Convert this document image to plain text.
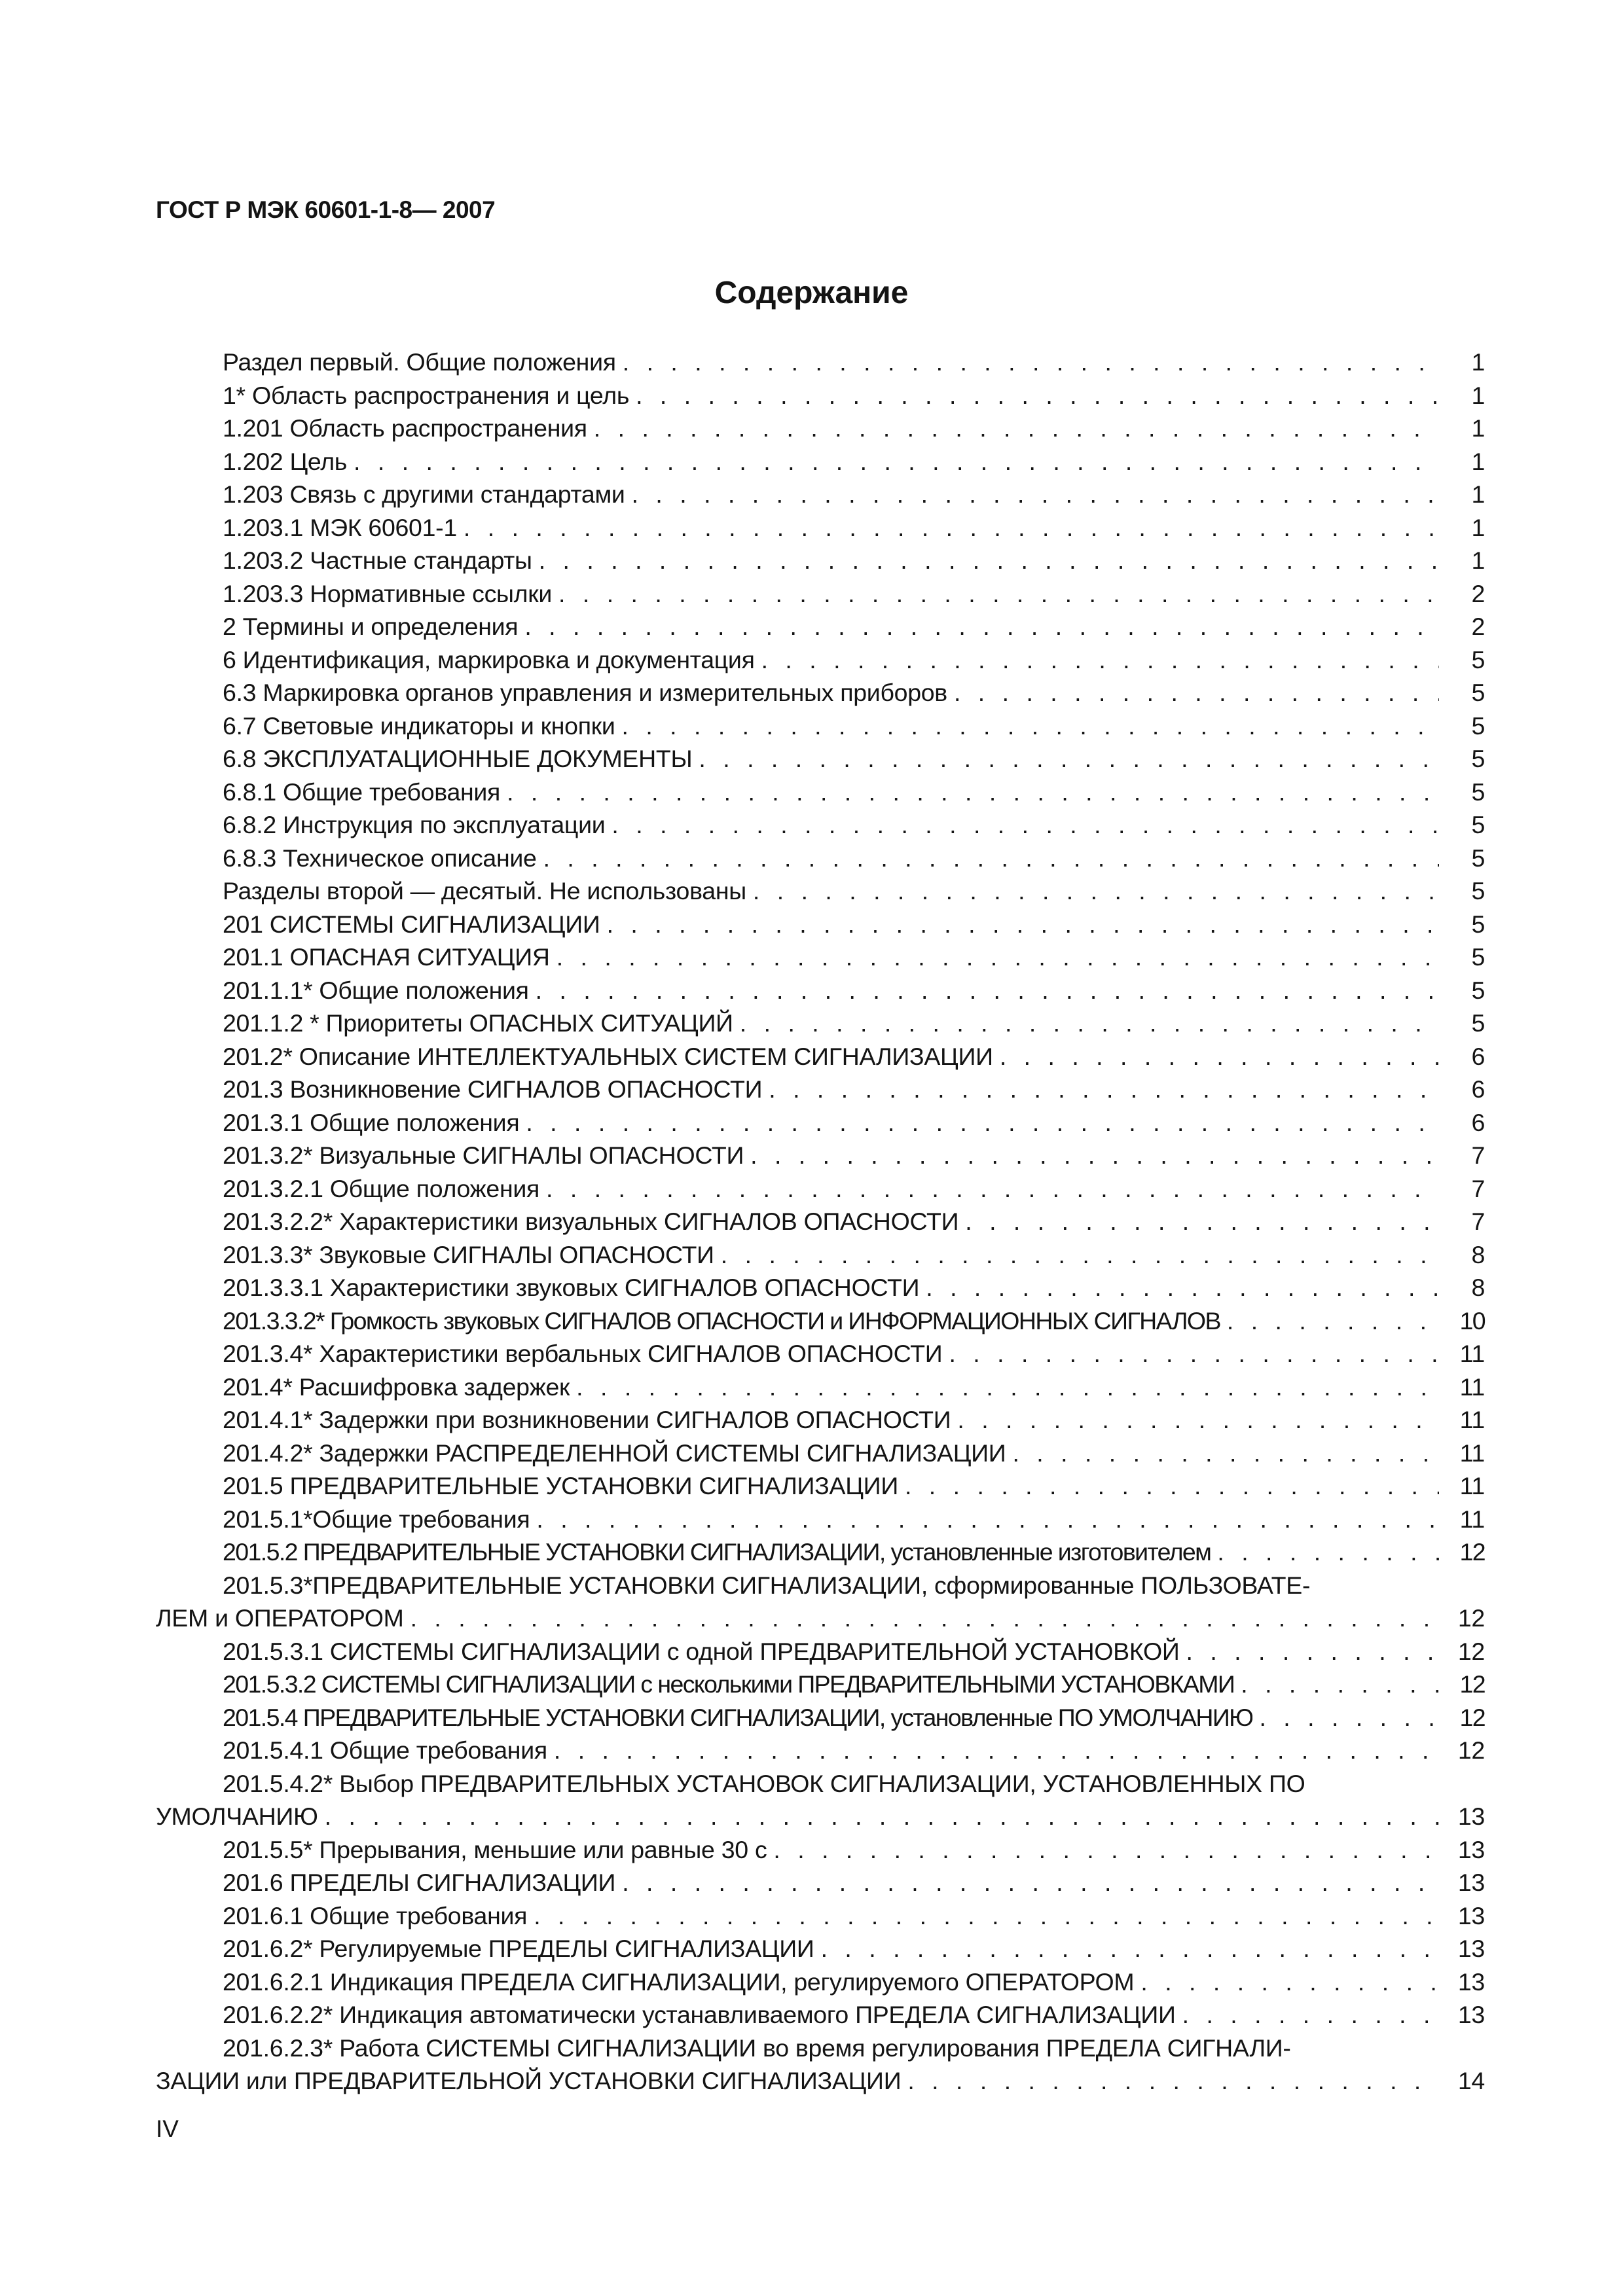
ГОСТ Р МЭК 60601-1-8— 2007
Содержание
Раздел первый. Общие положения . . .	1
1* Область распространения и цель . . .	1
1.201 Область распространения . . .	1
1.202 Цель . . .	1
1.203 Связь с другими стандартами . . .	1
1.203.1 МЭК 60601-1 . . .	1
1.203.2 Частные стандарты . . .	1
1.203.3 Нормативные ссылки . . .	2
2 Термины и определения . . .	2
6 Идентификация, маркировка и документация . . .	5
6.3 Маркировка органов управления и измерительных приборов . . .	5
6.7 Световые индикаторы и кнопки . . .	5
6.8 ЭКСПЛУАТАЦИОННЫЕ ДОКУМЕНТЫ . . .	5
6.8.1 Общие требования . . .	5
6.8.2 Инструкция по эксплуатации . . .	5
6.8.3 Техническое описание . . .	5
Разделы второй — десятый. Не использованы . . .	5
201 СИСТЕМЫ СИГНАЛИЗАЦИИ . . .	5
201.1 ОПАСНАЯ СИТУАЦИЯ . . .	5
201.1.1* Общие положения . . .	5
201.1.2 * Приоритеты ОПАСНЫХ СИТУАЦИЙ . . .	5
201.2* Описание ИНТЕЛЛЕКТУАЛЬНЫХ СИСТЕМ СИГНАЛИЗАЦИИ . . .	6
201.3 Возникновение СИГНАЛОВ ОПАСНОСТИ . . .	6
201.3.1 Общие положения . . .	6
201.3.2* Визуальные СИГНАЛЫ ОПАСНОСТИ . . .	7
201.3.2.1 Общие положения . . .	7
201.3.2.2* Характеристики визуальных СИГНАЛОВ ОПАСНОСТИ . . .	7
201.3.3* Звуковые СИГНАЛЫ ОПАСНОСТИ . . .	8
201.3.3.1 Характеристики звуковых СИГНАЛОВ ОПАСНОСТИ . . .	8
201.3.3.2* Громкость звуковых СИГНАЛОВ ОПАСНОСТИ и ИНФОРМАЦИОННЫХ СИГНАЛОВ . . .	10
201.3.4* Характеристики вербальных СИГНАЛОВ ОПАСНОСТИ . . .	11
201.4* Расшифровка задержек . . .	11
201.4.1* Задержки при возникновении СИГНАЛОВ ОПАСНОСТИ . . .	11
201.4.2* Задержки РАСПРЕДЕЛЕННОЙ СИСТЕМЫ СИГНАЛИЗАЦИИ . . .	11
201.5 ПРЕДВАРИТЕЛЬНЫЕ УСТАНОВКИ СИГНАЛИЗАЦИИ . . .	11
201.5.1*Общие требования . . .	11
201.5.2 ПРЕДВАРИТЕЛЬНЫЕ УСТАНОВКИ СИГНАЛИЗАЦИИ, установленные изготовителем . . .	12
201.5.3*ПРЕДВАРИТЕЛЬНЫЕ УСТАНОВКИ СИГНАЛИЗАЦИИ, сформированные ПОЛЬЗОВАТЕ-
ЛЕМ и ОПЕРАТОРОМ . . .	12
201.5.3.1 СИСТЕМЫ СИГНАЛИЗАЦИИ с одной ПРЕДВАРИТЕЛЬНОЙ УСТАНОВКОЙ . . .	12
201.5.3.2 СИСТЕМЫ СИГНАЛИЗАЦИИ с несколькими ПРЕДВАРИТЕЛЬНЫМИ УСТАНОВКАМИ . . .	12
201.5.4 ПРЕДВАРИТЕЛЬНЫЕ УСТАНОВКИ СИГНАЛИЗАЦИИ, установленные ПО УМОЛЧАНИЮ . . .	12
201.5.4.1 Общие требования . . .	12
201.5.4.2* Выбор ПРЕДВАРИТЕЛЬНЫХ УСТАНОВОК СИГНАЛИЗАЦИИ, УСТАНОВЛЕННЫХ ПО
УМОЛЧАНИЮ . . .	13
201.5.5* Прерывания, меньшие или равные 30 с . . .	13
201.6 ПРЕДЕЛЫ СИГНАЛИЗАЦИИ . . .	13
201.6.1 Общие требования . . .	13
201.6.2* Регулируемые ПРЕДЕЛЫ СИГНАЛИЗАЦИИ . . .	13
201.6.2.1 Индикация ПРЕДЕЛА СИГНАЛИЗАЦИИ, регулируемого ОПЕРАТОРОМ . . .	13
201.6.2.2* Индикация автоматически устанавливаемого ПРЕДЕЛА СИГНАЛИЗАЦИИ . . .	13
201.6.2.3* Работа СИСТЕМЫ СИГНАЛИЗАЦИИ во время регулирования ПРЕДЕЛА СИГНАЛИ-
ЗАЦИИ или ПРЕДВАРИТЕЛЬНОЙ УСТАНОВКИ СИГНАЛИЗАЦИИ . . .	14
IV
